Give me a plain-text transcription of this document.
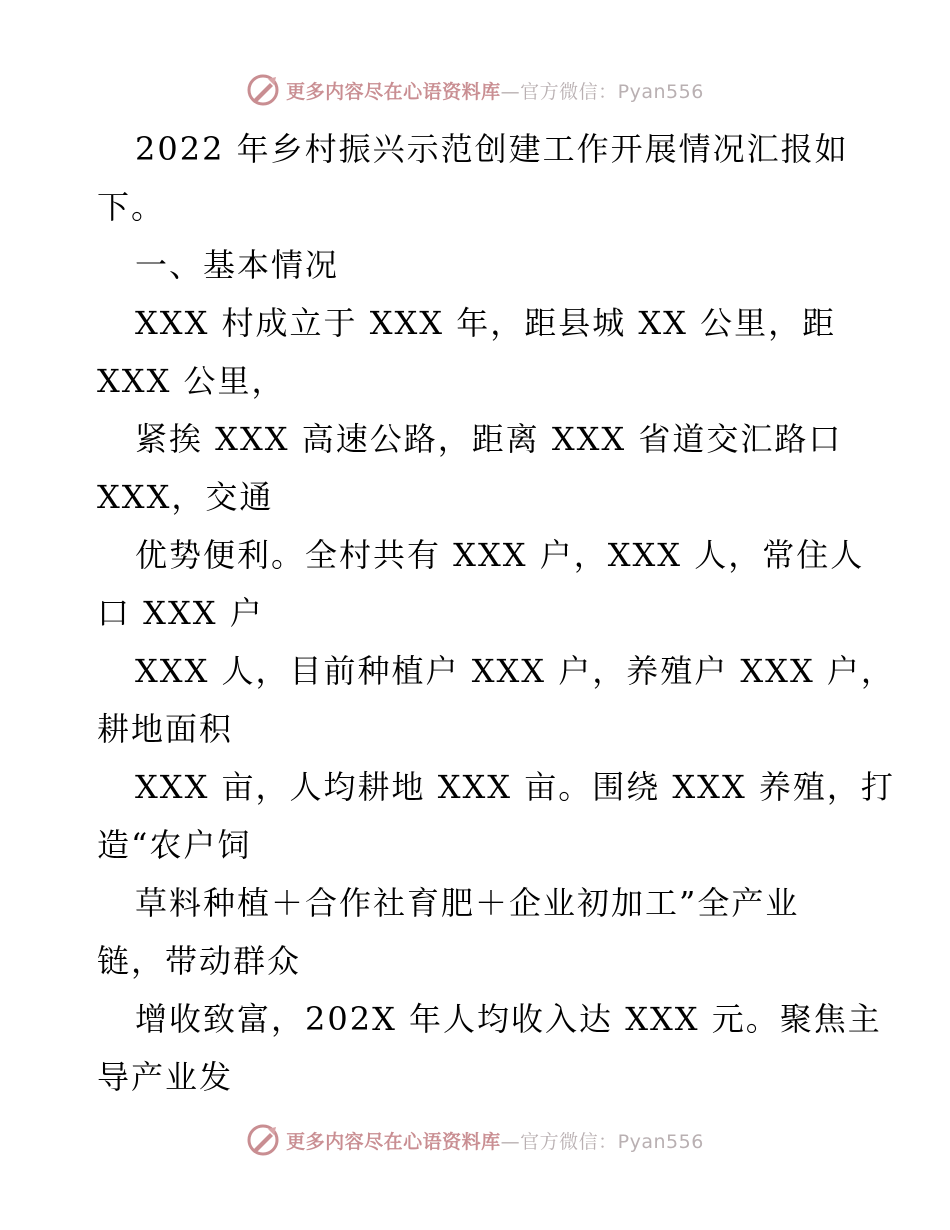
更多内容尽在心语资料库—官方微信：Pyan556
2022 年乡村振兴示范创建工作开展情况汇报如
下。
一、基本情况
XXX 村成立于 XXX 年，距县城 XX 公里，距
XXX 公里，
紧挨 XXX 高速公路，距离 XXX 省道交汇路口
XXX，交通
优势便利。全村共有 XXX 户，XXX 人，常住人
口 XXX 户
XXX 人，目前种植户 XXX 户，养殖户 XXX 户，
耕地面积
XXX 亩，人均耕地 XXX 亩。围绕 XXX 养殖，打
造“农户饲
草料种植＋合作社育肥＋企业初加工”全产业
链，带动群众
增收致富，202X 年人均收入达 XXX 元。聚焦主
导产业发
更多内容尽在心语资料库—官方微信：Pyan556
